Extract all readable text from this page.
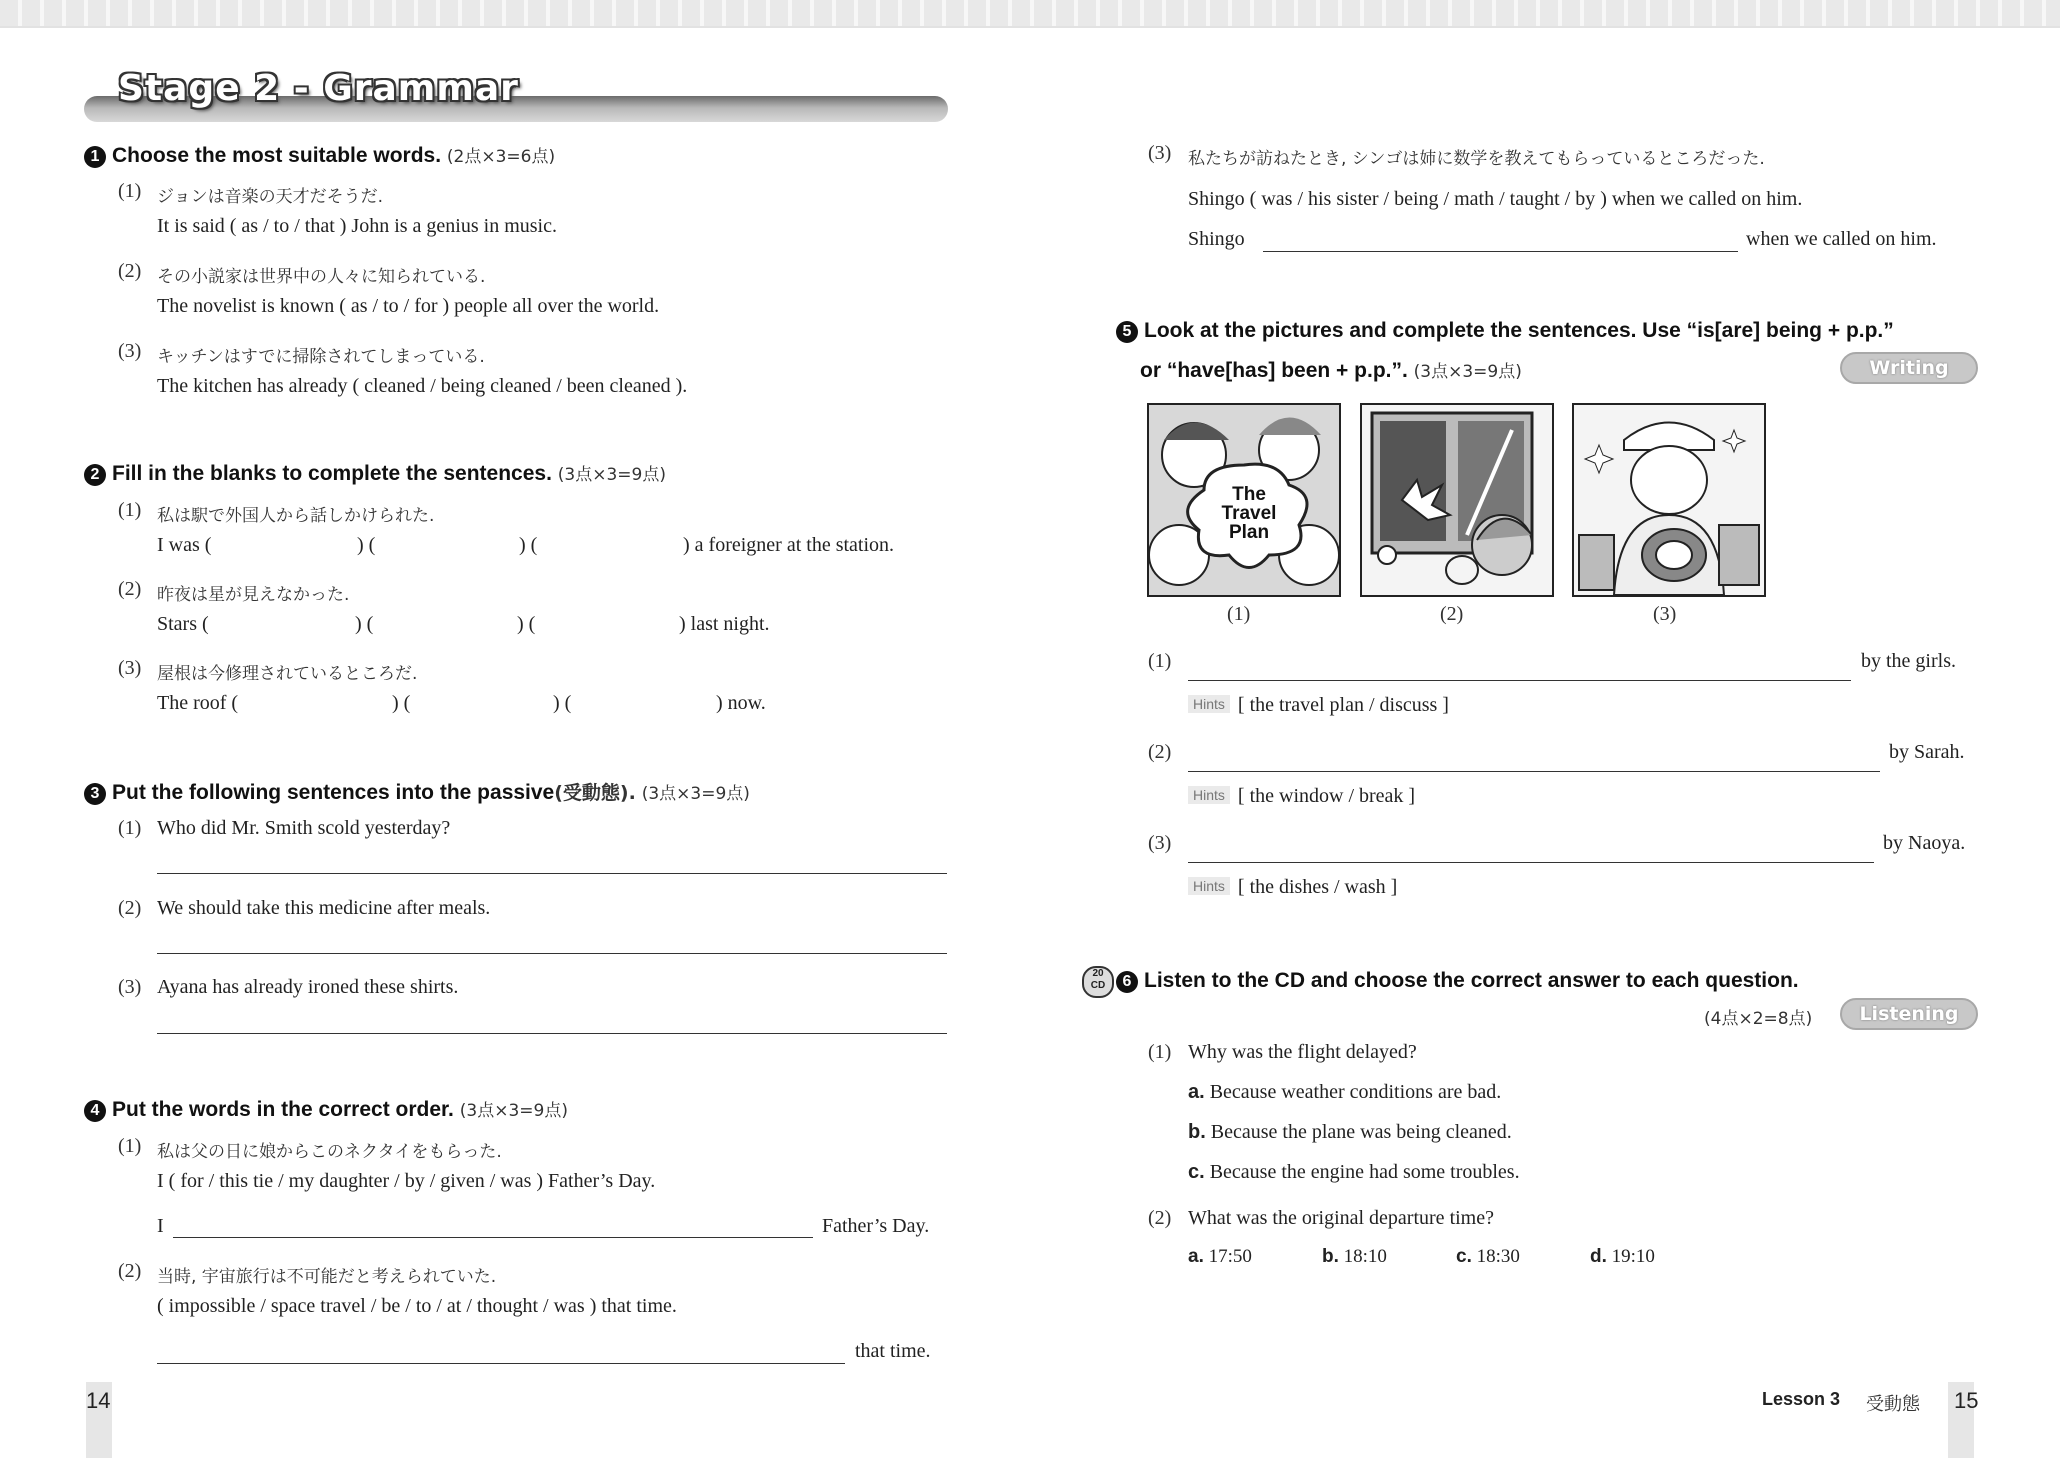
Stage 2 - Grammar
1 Choose the most suitable words. (2点×3=6点)
(1) ジョンは音楽の天才だそうだ.
It is said ( as / to / that ) John is a genius in music.
(2) その小説家は世界中の人々に知られている.
The novelist is known ( as / to / for ) people all over the world.
(3) キッチンはすでに掃除されてしまっている.
The kitchen has already ( cleaned / being cleaned / been cleaned ).
2 Fill in the blanks to complete the sentences. (3点×3=9点)
(1) 私は駅で外国人から話しかけられた.
I was (	) (	) (	) a foreigner at the station.
(2) 昨夜は星が見えなかった.
Stars (	) (	) (	) last night.
(3) 屋根は今修理されているところだ.
The roof (	) (	) (	) now.
3 Put the following sentences into the passive(受動態). (3点×3=9点)
(1) Who did Mr. Smith scold yesterday?
(2) We should take this medicine after meals.
(3) Ayana has already ironed these shirts.
4 Put the words in the correct order. (3点×3=9点)
(1) 私は父の日に娘からこのネクタイをもらった.
I ( for / this tie / my daughter / by / given / was ) Father’s Day.
I	Father’s Day.
(2) 当時, 宇宙旅行は不可能だと考えられていた.
( impossible / space travel / be / to / at / thought / was ) that time.
that time.
14
(3) 私たちが訪ねたとき, シンゴは姉に数学を教えてもらっているところだった.
Shingo ( was / his sister / being / math / taught / by ) when we called on him.
Shingo	when we called on him.
5 Look at the pictures and complete the sentences. Use “is[are] being + p.p.”
or “have[has] been + p.p.”. (3点×3=9点)	Writing
The Travel Plan
(1)	(2)	(3)
(1)	by the girls.
Hints [ the travel plan / discuss ]
(2)	by Sarah.
Hints [ the window / break ]
(3)	by Naoya.
Hints [ the dishes / wash ]
20
CD	6 Listen to the CD and choose the correct answer to each question.
(4点×2=8点)	Listening
(1) Why was the flight delayed?
a. Because weather conditions are bad.
b. Because the plane was being cleaned.
c. Because the engine had some troubles.
(2) What was the original departure time?
a. 17:50	b. 18:10	c. 18:30	d. 19:10
Lesson 3 受動態 15
